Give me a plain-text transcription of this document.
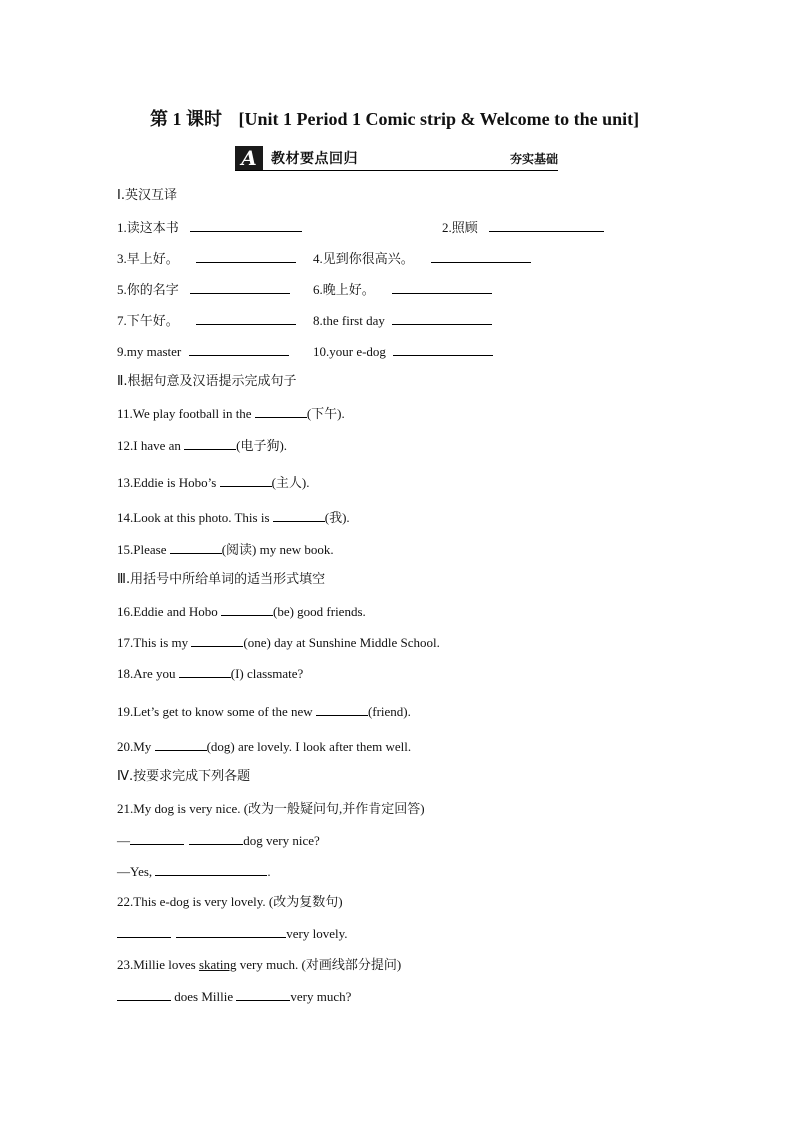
第 1 课时 [Unit 1 Period 1 Comic strip & Welcome to the unit]
A	教材要点回归	夯实基础
Ⅰ.英汉互译
1.读这本书	2.照顾
3.早上好。	4.见到你很高兴。
5.你的名字	6.晚上好。
7.下午好。	8.the first day
9.my master	10.your e-dog
Ⅱ.根据句意及汉语提示完成句子
11.We play football in the	(下午).
12.I have an	(电子狗).
13.Eddie is Hobo’s	(主人).
14.Look at this photo. This is	(我).
15.Please	(阅读) my new book.
Ⅲ.用括号中所给单词的适当形式填空
16.Eddie and Hobo	(be) good friends.
17.This is my	(one) day at Sunshine Middle School.
18.Are you	(I) classmate?
19.Let’s get to know some of the new	(friend).
20.My	(dog) are lovely. I look after them well.
Ⅳ.按要求完成下列各题
21.My dog is very nice. (改为一般疑问句,并作肯定回答)
—	dog very nice?
—Yes,	.
22.This e-dog is very lovely. (改为复数句)
very lovely.
23.Millie loves skating very much. (对画线部分提问)
does Millie	very much?
